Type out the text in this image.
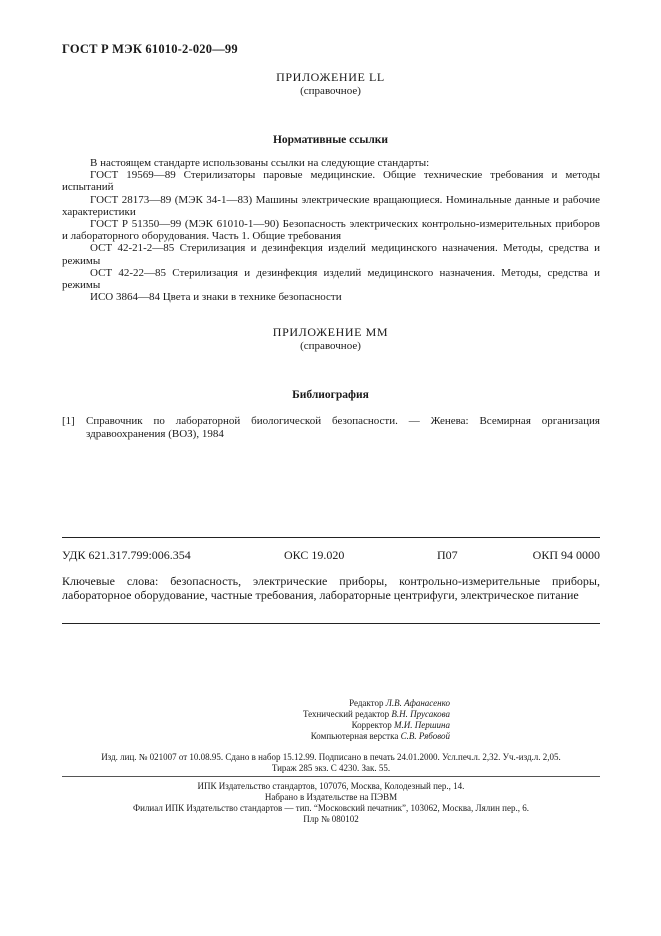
ГОСТ Р МЭК 61010-2-020—99
ПРИЛОЖЕНИЕ LL
(справочное)
Нормативные ссылки

В настоящем стандарте использованы ссылки на следующие стандарты:

ГОСТ 19569—89 Стерилизаторы паровые медицинские. Общие технические требования и методы испытаний

ГОСТ 28173—89 (МЭК 34-1—83) Машины электрические вращающиеся. Номинальные данные и рабочие характеристики

ГОСТ Р 51350—99 (МЭК 61010-1—90) Безопасность электрических контрольно-измерительных приборов и лабораторного оборудования. Часть 1. Общие требования

ОСТ 42-21-2—85 Стерилизация и дезинфекция изделий медицинского назначения. Методы, средства и режимы

ОСТ 42-22—85 Стерилизация и дезинфекция изделий медицинского назначения. Методы, средства и режимы

ИСО 3864—84 Цвета и знаки в технике безопасности

ПРИЛОЖЕНИЕ ММ
(справочное)
Библиография
[1]	Справочник по лабораторной биологической безопасности. — Женева: Всемирная организация здравоохранения (ВОЗ), 1984
УДК 621.317.799:006.354	ОКС 19.020	П07	ОКП 94 0000
Ключевые слова: безопасность, электрические приборы, контрольно-измерительные приборы, лабораторное оборудование, частные требования, лабораторные центрифуги, электрическое питание
Редактор Л.В. Афанасенко
Технический редактор В.Н. Прусакова
Корректор М.И. Першина
Компьютерная верстка С.В. Рябовой
Изд. лиц. № 021007 от 10.08.95. Сдано в набор 15.12.99. Подписано в печать 24.01.2000. Усл.печ.л. 2,32. Уч.-изд.л. 2,05.
Тираж 285 экз. С 4230. Зак. 55.
ИПК Издательство стандартов, 107076, Москва, Колодезный пер., 14.
Набрано в Издательстве на ПЭВМ
Филиал ИПК Издательство стандартов — тип. “Московский печатник”, 103062, Москва, Лялин пер., 6.
Плр № 080102
